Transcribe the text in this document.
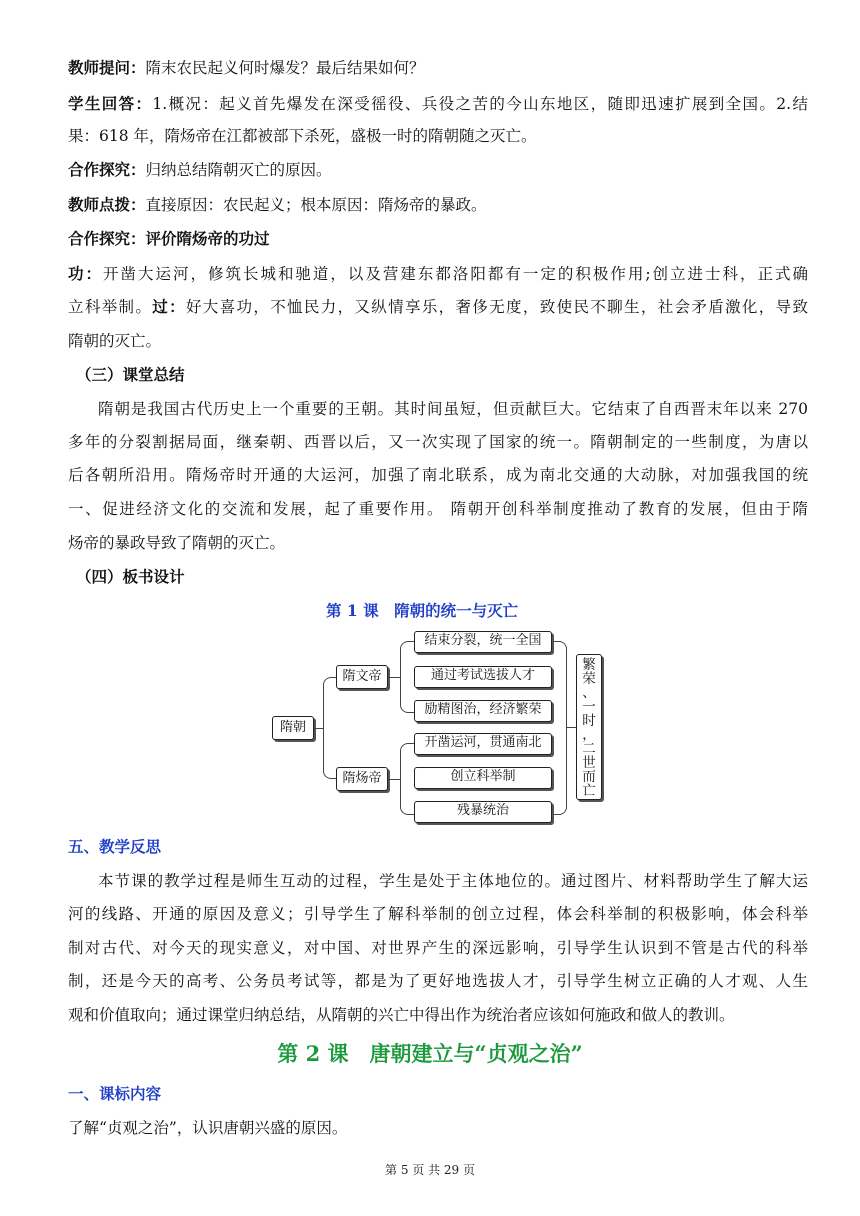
教师提问：隋末农民起义何时爆发？最后结果如何？
学生回答：1.概况：起义首先爆发在深受徭役、兵役之苦的今山东地区，随即迅速扩展到全国。2.结
果：618 年，隋炀帝在江都被部下杀死，盛极一时的隋朝随之灭亡。
合作探究：归纳总结隋朝灭亡的原因。
教师点拨：直接原因：农民起义；根本原因：隋炀帝的暴政。
合作探究：评价隋炀帝的功过
功：开凿大运河，修筑长城和驰道，以及营建东都洛阳都有一定的积极作用;创立进士科，正式确
立科举制。过：好大喜功，不恤民力，又纵情享乐，奢侈无度，致使民不聊生，社会矛盾激化，导致
隋朝的灭亡。
（三）课堂总结
隋朝是我国古代历史上一个重要的王朝。其时间虽短，但贡献巨大。它结束了自西晋末年以来 270
多年的分裂割据局面，继秦朝、西晋以后，又一次实现了国家的统一。隋朝制定的一些制度，为唐以
后各朝所沿用。隋炀帝时开通的大运河，加强了南北联系，成为南北交通的大动脉，对加强我国的统
一、促进经济文化的交流和发展，起了重要作用。 隋朝开创科举制度推动了教育的发展，但由于隋
炀帝的暴政导致了隋朝的灭亡。
（四）板书设计
第 1 课　隋朝的统一与灭亡
隋朝
隋文帝
隋炀帝
结束分裂，统一全国
通过考试选拔人才
励精图治，经济繁荣
开凿运河，贯通南北
创立科举制
残暴统治
繁
荣
、
一
时
，
二
世
而
亡
五、教学反思
本节课的教学过程是师生互动的过程，学生是处于主体地位的。通过图片、材料帮助学生了解大运
河的线路、开通的原因及意义；引导学生了解科举制的创立过程，体会科举制的积极影响，体会科举
制对古代、对今天的现实意义，对中国、对世界产生的深远影响，引导学生认识到不管是古代的科举
制，还是今天的高考、公务员考试等，都是为了更好地选拔人才，引导学生树立正确的人才观、人生
观和价值取向；通过课堂归纳总结，从隋朝的兴亡中得出作为统治者应该如何施政和做人的教训。
第 2 课　唐朝建立与“贞观之治”
一、课标内容
了解“贞观之治”，认识唐朝兴盛的原因。
第 5 页 共 29 页
